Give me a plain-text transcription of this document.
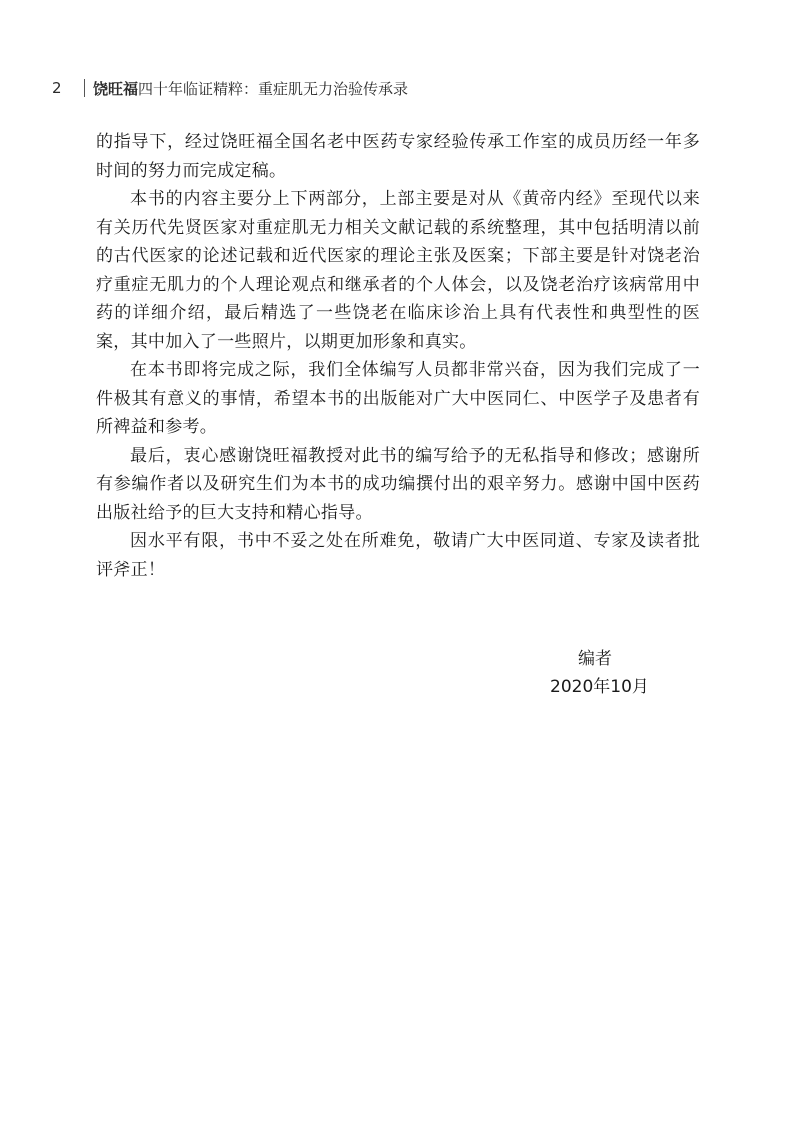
2	饶旺福 四十年临证精粹：重症肌无力治验传承录

的指导下，经过饶旺福全国名老中医药专家经验传承工作室的成员历经一年多时间的努力而完成定稿。

本书的内容主要分上下两部分，上部主要是对从《黄帝内经》至现代以来有关历代先贤医家对重症肌无力相关文献记载的系统整理，其中包括明清以前的古代医家的论述记载和近代医家的理论主张及医案；下部主要是针对饶老治疗重症无肌力的个人理论观点和继承者的个人体会，以及饶老治疗该病常用中药的详细介绍，最后精选了一些饶老在临床诊治上具有代表性和典型性的医案，其中加入了一些照片，以期更加形象和真实。

在本书即将完成之际，我们全体编写人员都非常兴奋，因为我们完成了一件极其有意义的事情，希望本书的出版能对广大中医同仁、中医学子及患者有所裨益和参考。

最后，衷心感谢饶旺福教授对此书的编写给予的无私指导和修改；感谢所有参编作者以及研究生们为本书的成功编撰付出的艰辛努力。感谢中国中医药出版社给予的巨大支持和精心指导。

因水平有限，书中不妥之处在所难免，敬请广大中医同道、专家及读者批评斧正！

编者
2020年10月
